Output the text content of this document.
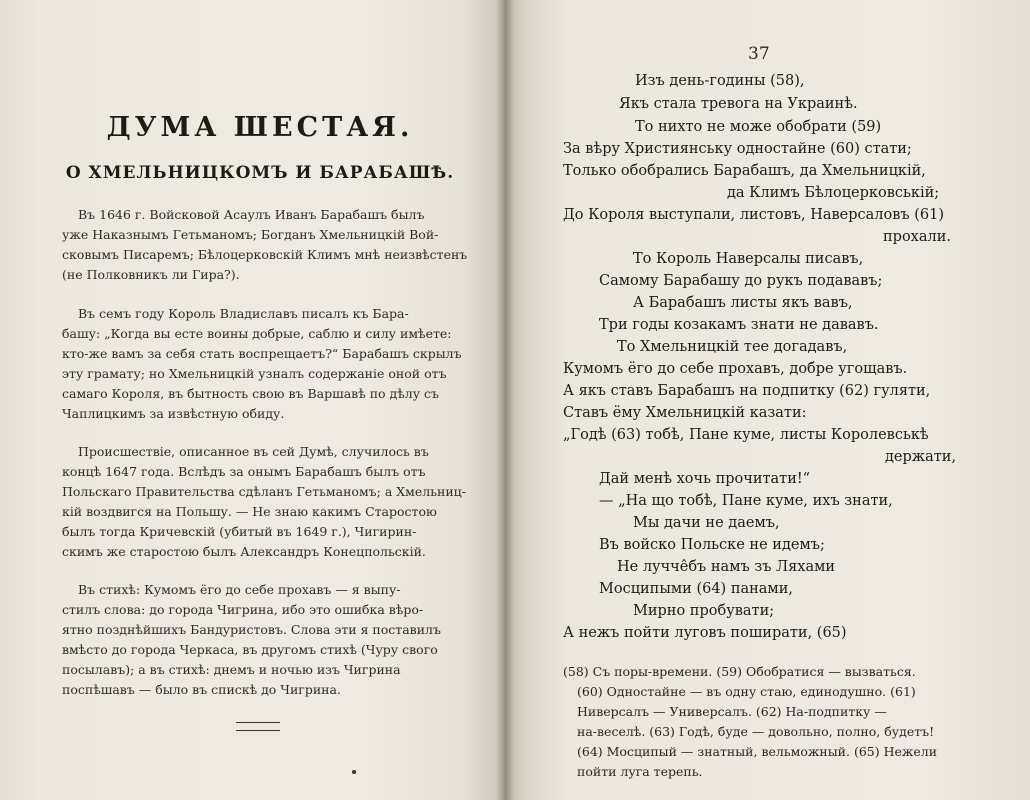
ДУМА ШЕСТАЯ.
О ХМЕЛЬНИЦКОМЪ И БАРАБАШѢ.
Въ 1646 г. Войсковой Асаулъ Иванъ Барабашъ былъ
уже Наказнымъ Гетьманомъ; Богданъ Хмельницкій Вой-
сковымъ Писаремъ; Бѣлоцерковскій Климъ мнѣ неизвѣстенъ
(не Полковникъ ли Гира?).
Въ семъ году Король Владиславъ писалъ къ Бара-
башу: „Когда вы есте воины добрые, саблю и силу имѣете:
кто-же вамъ за себя стать воспрещаетъ?“ Барабашъ скрылъ
эту грамату; но Хмельницкій узналъ содержаніе оной отъ
самаго Короля, въ бытность свою въ Варшавѣ по дѣлу съ
Чаплицкимъ за извѣстную обиду.
Происшествіе, описанное въ сей Думѣ, случилось въ
концѣ 1647 года. Вслѣдъ за онымъ Барабашъ былъ отъ
Польскаго Правительства сдѣланъ Гетьманомъ; а Хмельниц-
кій воздвигся на Польшу. — Не знаю какимъ Старостою
былъ тогда Кричевскій (убитый въ 1649 г.), Чигирин-
скимъ же старостою былъ Александръ Конецпольскій.
Въ стихѣ: Кумомъ ёго до себе прохавъ — я выпу-
стилъ слова: до города Чигрина, ибо это ошибка вѣро-
ятно позднѣйшихъ Бандуристовъ. Слова эти я поставилъ
вмѣсто до города Черкаса, въ другомъ стихѣ (Чуру свого
посылавъ); а въ стихѣ: днемъ и ночью изъ Чигрина
поспѣшавъ — было въ спискѣ до Чигрина.
37
Изъ день-годины (58),
Якъ стала тревога на Украинѣ.
То нихто не може обобрати (59)
За вѣру Християнську одностайне (60) стати;
Только обобрались Барабашъ, да Хмельницкій,
да Климъ Бѣлоцерковській;
До Короля выступали, листовъ, Наверсаловъ (61)
прохали.
То Король Наверсалы писавъ,
Самому Барабашу до рукъ подававъ;
А Барабашъ листы якъ вавъ,
Три годы козакамъ знати не дававъ.
То Хмельницкій тее догадавъ,
Кумомъ ёго до себе прохавъ, добре угощавъ.
А якъ ставъ Барабашъ на подпитку (62) гуляти,
Ставъ ёму Хмельницкій казати:
„Годѣ (63) тобѣ, Пане куме, листы Королевськѣ
держати,
Дай менѣ хочь прочитати!“
— „На що тобѣ, Пане куме, ихъ знати,
Мы дачи не даемъ,
Въ войско Польске не идемъ;
Не лучче̂бъ намъ зъ Ляхами
Мосципыми (64) панами,
Мирно пробувати;
А нежъ пойти луговъ поширати, (65)
(58) Съ поры-времени. (59) Обобратися — вызваться.
(60) Одностайне — въ одну стаю, единодушно. (61)
Ниверсалъ — Универсалъ. (62) На-подпитку —
на-веселѣ. (63) Годѣ, буде — довольно, полно, будетъ!
(64) Мосципый — знатный, вельможный. (65) Нежели
пойти луга терепь.
